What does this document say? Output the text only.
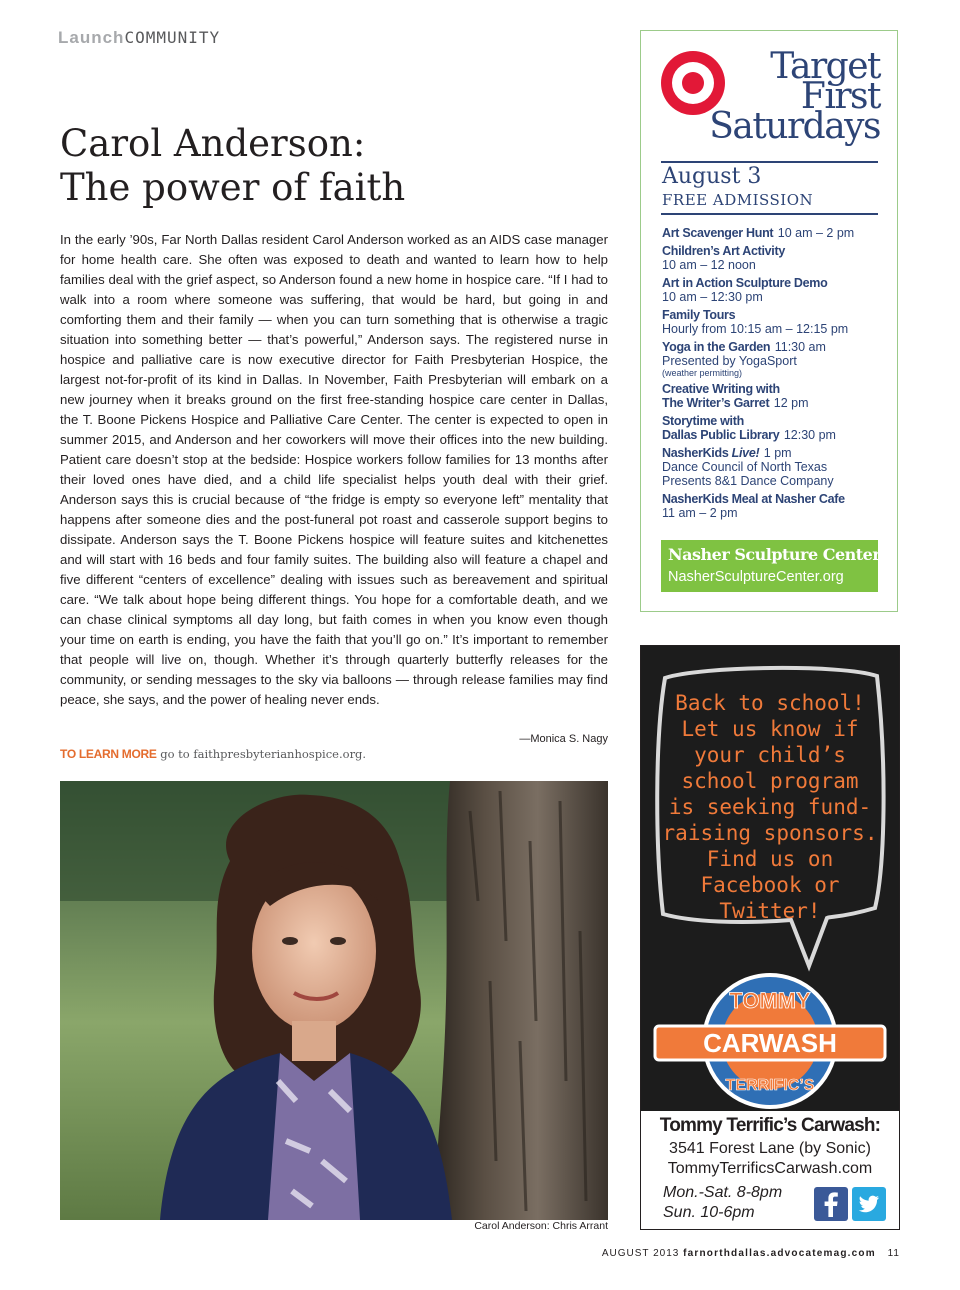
LaunchCOMMUNITY
Carol Anderson:
The power of faith
In the early ’90s, Far North Dallas resident Carol Anderson worked as an AIDS case manager for home health care. She often was exposed to death and wanted to learn how to help families deal with the grief aspect, so Anderson found a new home in hospice care. “If I had to walk into a room where someone was suffering, that would be hard, but going in and comforting them and their family — when you can turn something that is otherwise a tragic situation into something better — that’s powerful,” Anderson says. The registered nurse in hospice and palliative care is now executive director for Faith Presbyterian Hospice, the largest not-for-profit of its kind in Dallas. In November, Faith Presbyterian will embark on a new journey when it breaks ground on the first free-standing hospice care center in Dallas, the T. Boone Pickens Hospice and Palliative Care Center. The center is expected to open in summer 2015, and Anderson and her coworkers will move their offices into the new building. Patient care doesn’t stop at the bedside: Hospice workers follow families for 13 months after their loved ones have died, and a child life specialist helps youth deal with their grief. Anderson says this is crucial because of “the fridge is empty so everyone left” mentality that happens after someone dies and the post-funeral pot roast and casserole support begins to dissipate. Anderson says the T. Boone Pickens hospice will feature suites and kitchenettes and will start with 16 beds and four family suites. The building also will feature a chapel and five different “centers of excellence” dealing with issues such as bereavement and spiritual care. “We talk about hope being different things. You hope for a comfortable death, and we can chase clinical symptoms all day long, but faith comes in when you know even though your time on earth is ending, you have the faith that you’ll go on.” It’s important to remember that people will live on, though. Whether it’s through quarterly butterfly releases for the community, or sending messages to the sky via balloons — through release families may find peace, she says, and the power of healing never ends.
—Monica S. Nagy
TO LEARN MORE go to faithpresbyterianhospice.org.
Carol Anderson: Chris Arrant
Target
First
Saturdays
August 3
FREE ADMISSION
Art Scavenger Hunt 10 am – 2 pm
Children’s Art Activity
10 am – 12 noon
Art in Action Sculpture Demo
10 am – 12:30 pm
Family Tours
Hourly from 10:15 am – 12:15 pm
Yoga in the Garden 11:30 am
Presented by YogaSport
(weather permitting)
Creative Writing with
The Writer’s Garret 12 pm
Storytime with
Dallas Public Library 12:30 pm
NasherKids Live! 1 pm
Dance Council of North Texas
Presents 8&1 Dance Company
NasherKids Meal at Nasher Cafe
11 am – 2 pm
Nasher Sculpture Center
NasherSculptureCenter.org
CARWASH
TOMMY
TERRIFIC’S
Back to school!
Let us know if
your child’s
school program
is seeking fund-
raising sponsors.
Find us on
Facebook or
Twitter!
Tommy Terrific’s Carwash:
3541 Forest Lane (by Sonic)
TommyTerrificsCarwash.com
Mon.-Sat. 8-8pm
Sun. 10-6pm
AUGUST 2013 farnorthdallas.advocatemag.com 11
